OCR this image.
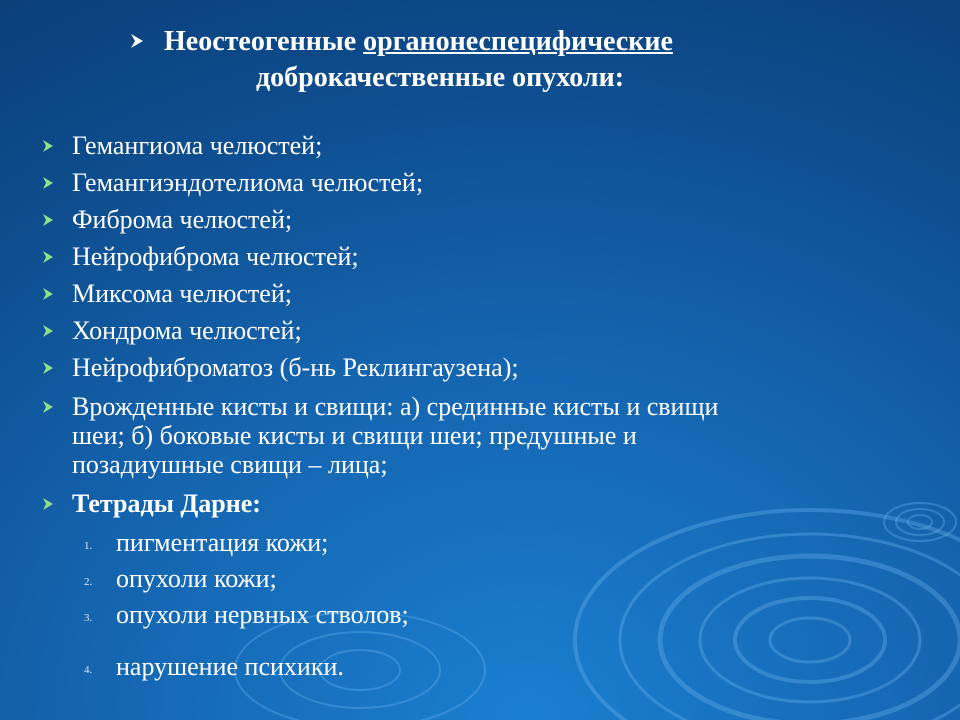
Неостеогенные органонеспецифические
доброкачественные опухоли:
Гемангиома челюстей;
Гемангиэндотелиома челюстей;
Фиброма челюстей;
Нейрофиброма челюстей;
Миксома челюстей;
Хондрома челюстей;
Нейрофиброматоз (б-нь Реклингаузена);
Врожденные кисты и свищи: а) срединные кисты и свищи
шеи; б) боковые кисты и свищи шеи; предушные и
позадиушные свищи – лица;
Тетрады Дарне:
1. пигментация кожи;
2. опухоли кожи;
3. опухоли нервных стволов;
4. нарушение психики.
